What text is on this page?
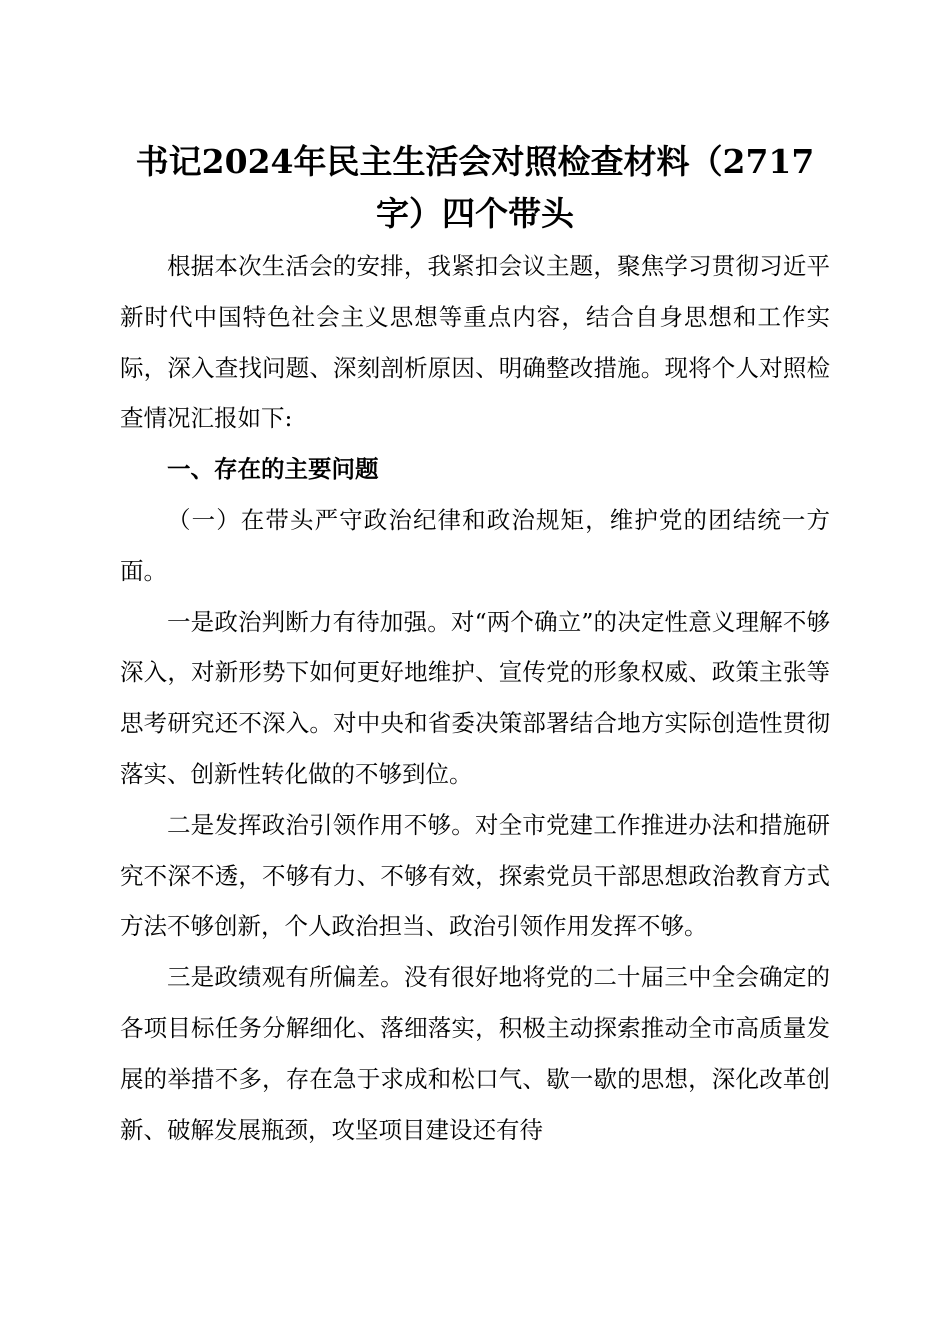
书记2024年民主生活会对照检查材料（2717字）四个带头

根据本次生活会的安排，我紧扣会议主题，聚焦学习贯彻习近平新时代中国特色社会主义思想等重点内容，结合自身思想和工作实际，深入查找问题、深刻剖析原因、明确整改措施。现将个人对照检查情况汇报如下:

一、存在的主要问题

（一）在带头严守政治纪律和政治规矩，维护党的团结统一方面。

一是政治判断力有待加强。对“两个确立”的决定性意义理解不够深入，对新形势下如何更好地维护、宣传党的形象权威、政策主张等思考研究还不深入。对中央和省委决策部署结合地方实际创造性贯彻落实、创新性转化做的不够到位。

二是发挥政治引领作用不够。对全市党建工作推进办法和措施研究不深不透，不够有力、不够有效，探索党员干部思想政治教育方式方法不够创新，个人政治担当、政治引领作用发挥不够。

三是政绩观有所偏差。没有很好地将党的二十届三中全会确定的各项目标任务分解细化、落细落实，积极主动探索推动全市高质量发展的举措不多，存在急于求成和松口气、歇一歇的思想，深化改革创新、破解发展瓶颈，攻坚项目建设还有待
